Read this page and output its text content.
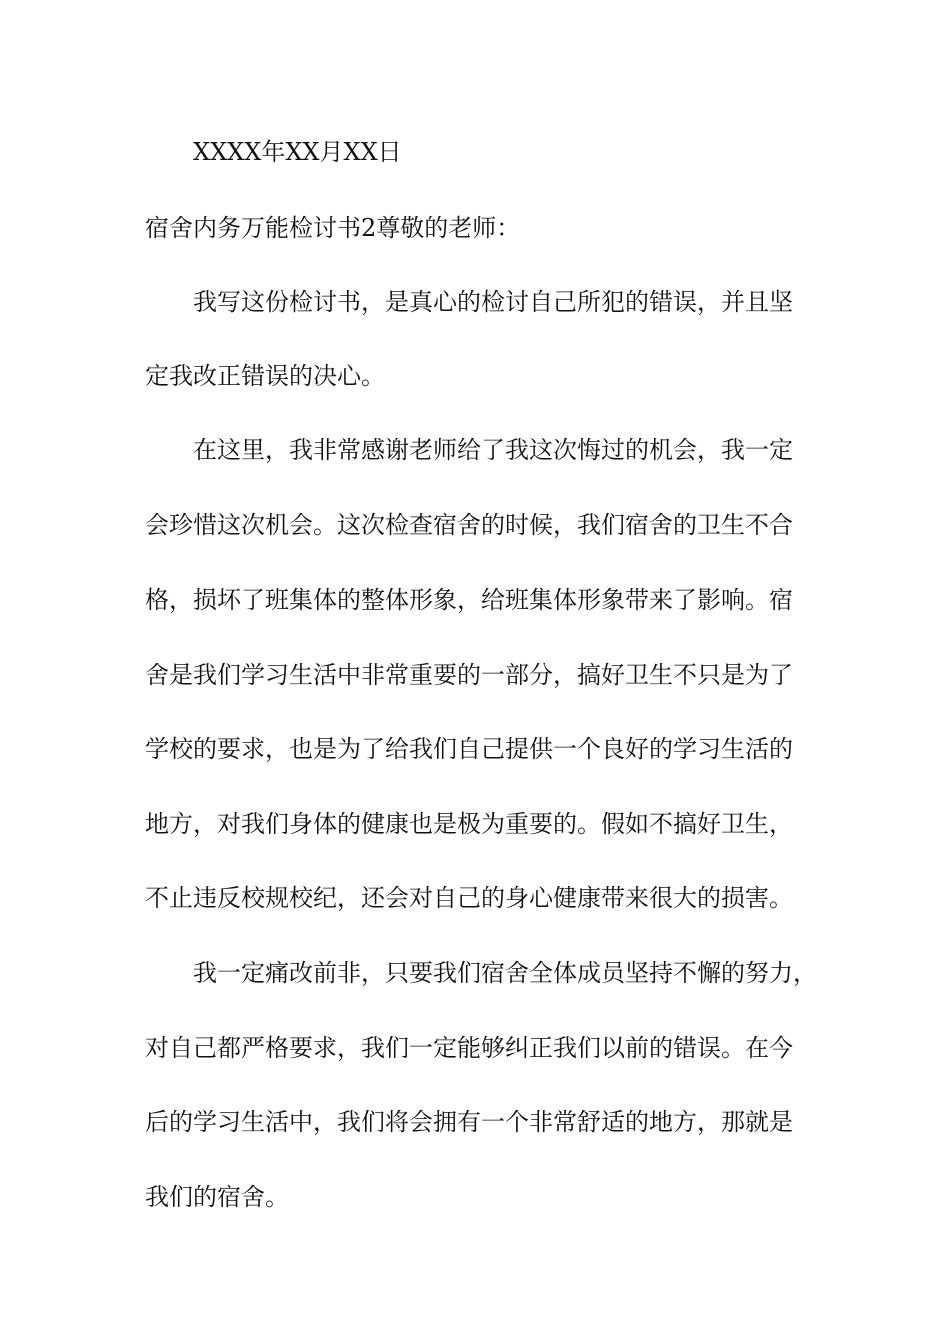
XXXX年XX月XX日
宿舍内务万能检讨书2尊敬的老师：
我写这份检讨书，是真心的检讨自己所犯的错误，并且坚
定我改正错误的决心。
在这里，我非常感谢老师给了我这次悔过的机会，我一定
会珍惜这次机会。这次检查宿舍的时候，我们宿舍的卫生不合
格，损坏了班集体的整体形象，给班集体形象带来了影响。宿
舍是我们学习生活中非常重要的一部分，搞好卫生不只是为了
学校的要求，也是为了给我们自己提供一个良好的学习生活的
地方，对我们身体的健康也是极为重要的。假如不搞好卫生，
不止违反校规校纪，还会对自己的身心健康带来很大的损害。
我一定痛改前非，只要我们宿舍全体成员坚持不懈的努力，
对自己都严格要求，我们一定能够纠正我们以前的错误。在今
后的学习生活中，我们将会拥有一个非常舒适的地方，那就是
我们的宿舍。
